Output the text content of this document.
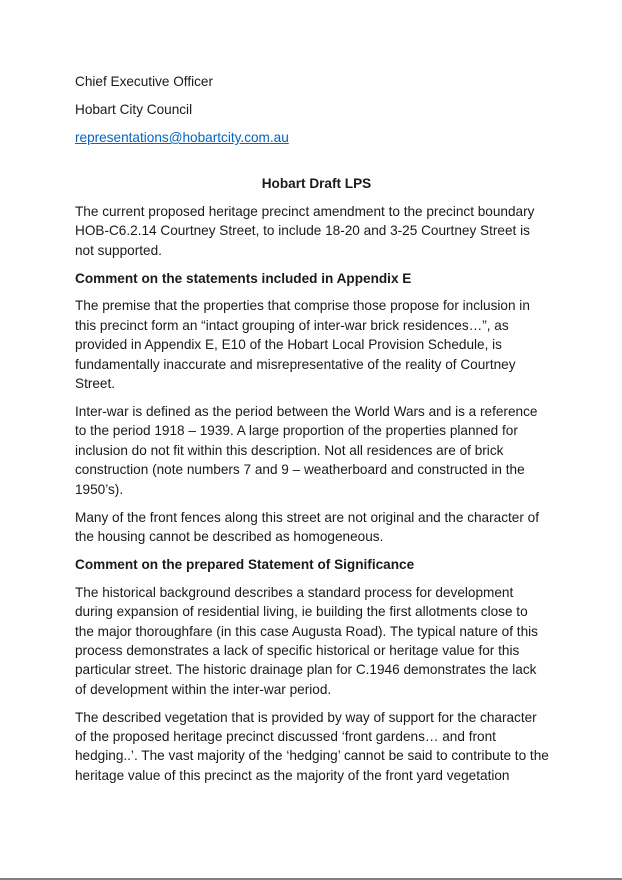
Chief Executive Officer
Hobart City Council
representations@hobartcity.com.au
Hobart Draft LPS

The current proposed heritage precinct amendment to the precinct boundary HOB-C6.2.14 Courtney Street, to include 18-20 and 3-25 Courtney Street is not supported.

Comment on the statements included in Appendix E

The premise that the properties that comprise those propose for inclusion in this precinct form an “intact grouping of inter-war brick residences…”, as provided in Appendix E, E10 of the Hobart Local Provision Schedule, is fundamentally inaccurate and misrepresentative of the reality of Courtney Street.

Inter-war is defined as the period between the World Wars and is a reference to the period 1918 – 1939. A large proportion of the properties planned for inclusion do not fit within this description. Not all residences are of brick construction (note numbers 7 and 9 – weatherboard and constructed in the 1950’s).

Many of the front fences along this street are not original and the character of the housing cannot be described as homogeneous.

Comment on the prepared Statement of Significance

The historical background describes a standard process for development during expansion of residential living, ie building the first allotments close to the major thoroughfare (in this case Augusta Road). The typical nature of this process demonstrates a lack of specific historical or heritage value for this particular street. The historic drainage plan for C.1946 demonstrates the lack of development within the inter-war period.

The described vegetation that is provided by way of support for the character of the proposed heritage precinct discussed ‘front gardens… and front hedging..’. The vast majority of the ‘hedging’ cannot be said to contribute to the heritage value of this precinct as the majority of the front yard vegetation
